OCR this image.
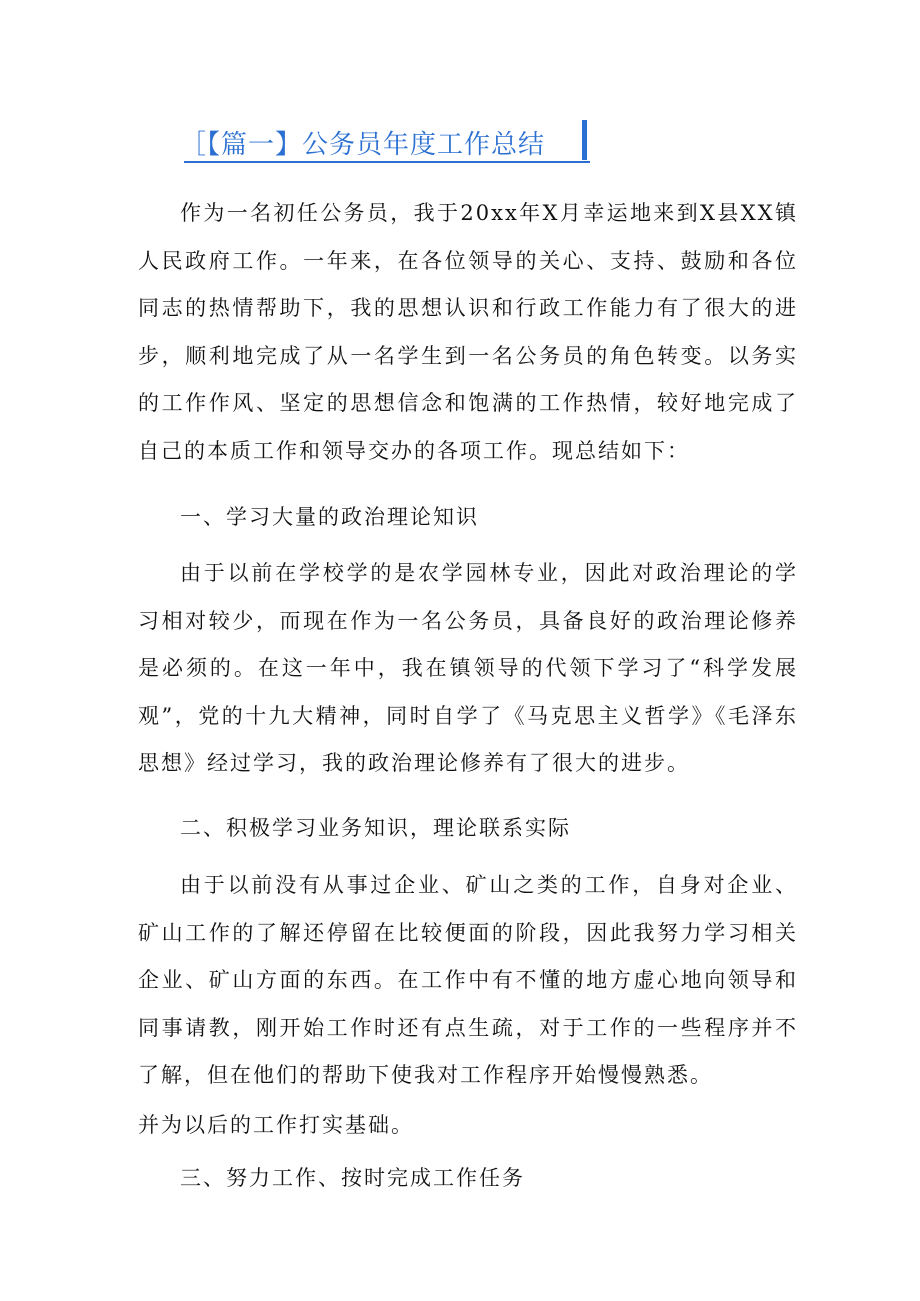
［【篇一】公务员年度工作总结

作为一名初任公务员，我于20xx年X月幸运地来到X县XX镇人民政府工作。一年来，在各位领导的关心、支持、鼓励和各位同志的热情帮助下，我的思想认识和行政工作能力有了很大的进步，顺利地完成了从一名学生到一名公务员的角色转变。以务实的工作作风、坚定的思想信念和饱满的工作热情，较好地完成了自己的本质工作和领导交办的各项工作。现总结如下：

一、学习大量的政治理论知识

由于以前在学校学的是农学园林专业，因此对政治理论的学习相对较少，而现在作为一名公务员，具备良好的政治理论修养是必须的。在这一年中，我在镇领导的代领下学习了“科学发展观”，党的十九大精神，同时自学了《马克思主义哲学》《毛泽东思想》经过学习，我的政治理论修养有了很大的进步。

二、积极学习业务知识，理论联系实际

由于以前没有从事过企业、矿山之类的工作，自身对企业、矿山工作的了解还停留在比较便面的阶段，因此我努力学习相关企业、矿山方面的东西。在工作中有不懂的地方虚心地向领导和同事请教，刚开始工作时还有点生疏，对于工作的一些程序并不了解，但在他们的帮助下使我对工作程序开始慢慢熟悉。

并为以后的工作打实基础。

三、努力工作、按时完成工作任务
